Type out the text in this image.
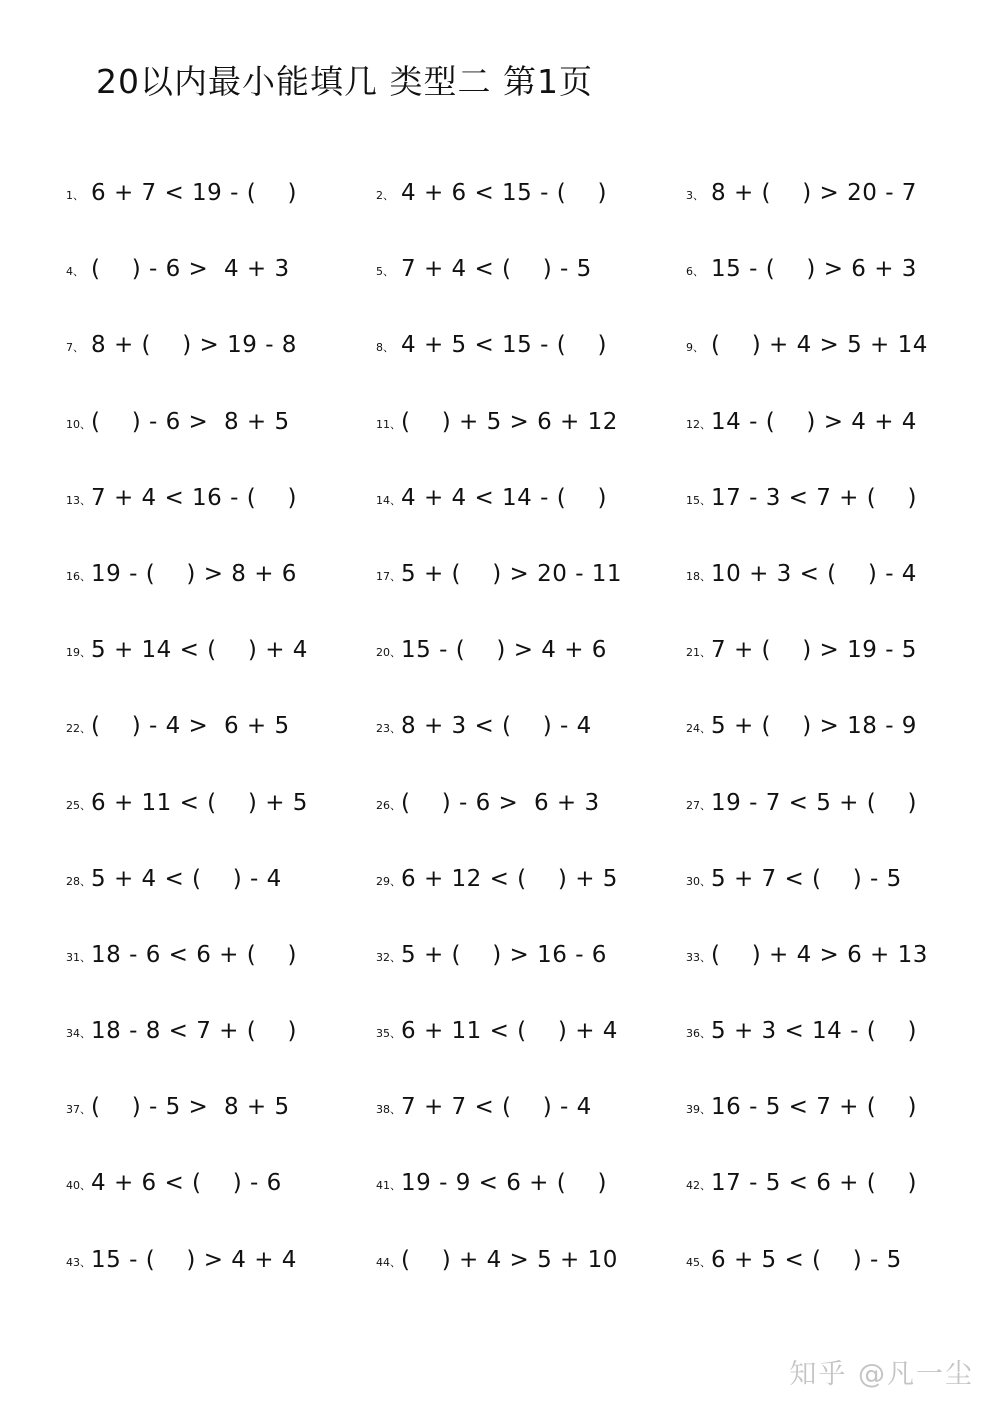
20以内最小能填几 类型二 第1页
1、 6 + 7 < 19 - (    )	2、 4 + 6 < 15 - (    )	3、 8 + (    ) > 20 - 7
4、 (    ) - 6 >  4 + 3	5、 7 + 4 < (    ) - 5	6、 15 - (    ) > 6 + 3
7、 8 + (    ) > 19 - 8	8、 4 + 5 < 15 - (    )	9、 (    ) + 4 > 5 + 14
10、 (    ) - 6 >  8 + 5	11、 (    ) + 5 > 6 + 12	12、 14 - (    ) > 4 + 4
13、 7 + 4 < 16 - (    )	14、 4 + 4 < 14 - (    )	15、 17 - 3 < 7 + (    )
16、 19 - (    ) > 8 + 6	17、 5 + (    ) > 20 - 11	18、 10 + 3 < (    ) - 4
19、 5 + 14 < (    ) + 4	20、 15 - (    ) > 4 + 6	21、 7 + (    ) > 19 - 5
22、 (    ) - 4 >  6 + 5	23、 8 + 3 < (    ) - 4	24、 5 + (    ) > 18 - 9
25、 6 + 11 < (    ) + 5	26、 (    ) - 6 >  6 + 3	27、 19 - 7 < 5 + (    )
28、 5 + 4 < (    ) - 4	29、 6 + 12 < (    ) + 5	30、 5 + 7 < (    ) - 5
31、 18 - 6 < 6 + (    )	32、 5 + (    ) > 16 - 6	33、 (    ) + 4 > 6 + 13
34、 18 - 8 < 7 + (    )	35、 6 + 11 < (    ) + 4	36、 5 + 3 < 14 - (    )
37、 (    ) - 5 >  8 + 5	38、 7 + 7 < (    ) - 4	39、 16 - 5 < 7 + (    )
40、 4 + 6 < (    ) - 6	41、 19 - 9 < 6 + (    )	42、 17 - 5 < 6 + (    )
43、 15 - (    ) > 4 + 4	44、 (    ) + 4 > 5 + 10	45、 6 + 5 < (    ) - 5
知乎 @凡一尘
